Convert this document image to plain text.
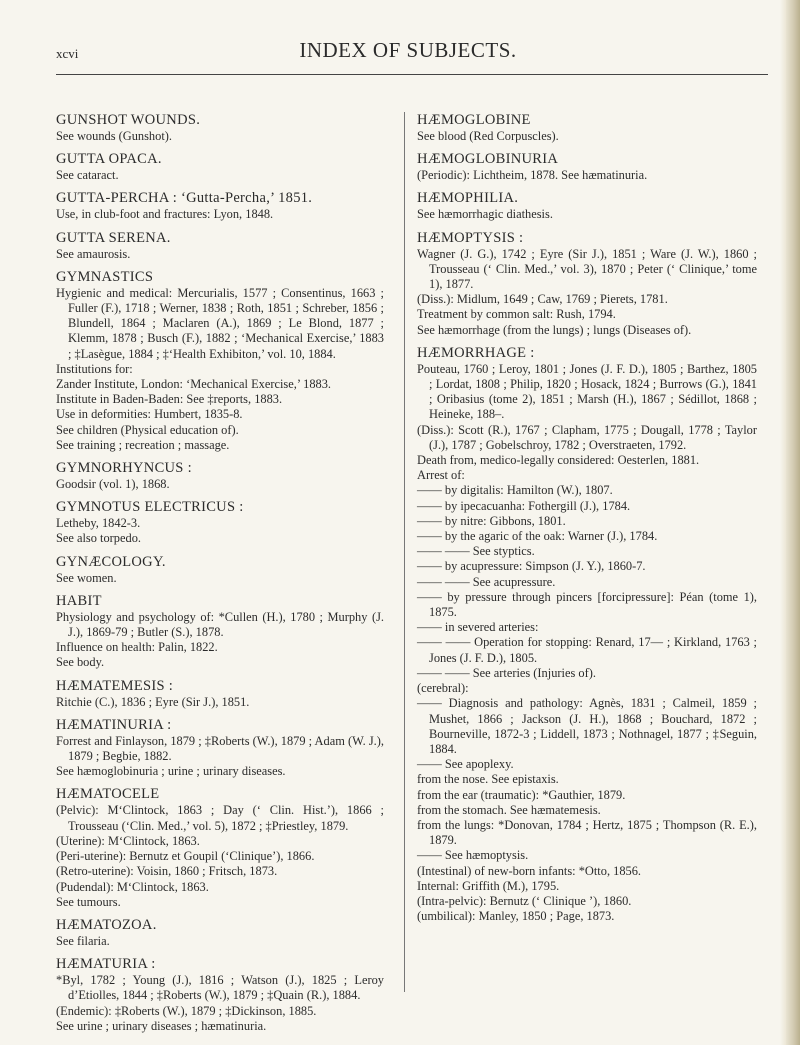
xcvi	INDEX OF SUBJECTS.

GUNSHOT WOUNDS.

See wounds (Gunshot).

GUTTA OPACA.

See cataract.

GUTTA-PERCHA : ‘Gutta-Percha,’ 1851.

Use, in club-foot and fractures: Lyon, 1848.

GUTTA SERENA.

See amaurosis.

GYMNASTICS

Hygienic and medical: Mercurialis, 1577 ; Consentinus, 1663 ; Fuller (F.), 1718 ; Werner, 1838 ; Roth, 1851 ; Schreber, 1856 ; Blundell, 1864 ; Maclaren (A.), 1869 ; Le Blond, 1877 ; Klemm, 1878 ; Busch (F.), 1882 ; ‘Mechanical Exercise,’ 1883 ; ‡Lasègue, 1884 ; ‡‘Health Exhibiton,’ vol. 10, 1884.

Institutions for:

Zander Institute, London: ‘Mechanical Exercise,’ 1883.

Institute in Baden-Baden: See ‡reports, 1883.

Use in deformities: Humbert, 1835-8.

See children (Physical education of).

See training ; recreation ; massage.

GYMNORHYNCUS :

Goodsir (vol. 1), 1868.

GYMNOTUS ELECTRICUS :

Letheby, 1842-3.

See also torpedo.

GYNÆCOLOGY.

See women.

HABIT

Physiology and psychology of: *Cullen (H.), 1780 ; Murphy (J. J.), 1869-79 ; Butler (S.), 1878.

Influence on health: Palin, 1822.

See body.

HÆMATEMESIS :

Ritchie (C.), 1836 ; Eyre (Sir J.), 1851.

HÆMATINURIA :

Forrest and Finlayson, 1879 ; ‡Roberts (W.), 1879 ; Adam (W. J.), 1879 ; Begbie, 1882.

See hæmoglobinuria ; urine ; urinary diseases.

HÆMATOCELE

(Pelvic): M‘Clintock, 1863 ; Day (‘ Clin. Hist.’), 1866 ; Trousseau (‘Clin. Med.,’ vol. 5), 1872 ; ‡Priestley, 1879.

(Uterine): M‘Clintock, 1863.

(Peri-uterine): Bernutz et Goupil (‘Clinique’), 1866.

(Retro-uterine): Voisin, 1860 ; Fritsch, 1873.

(Pudendal): M‘Clintock, 1863.

See tumours.

HÆMATOZOA.

See filaria.

HÆMATURIA :

*Byl, 1782 ; Young (J.), 1816 ; Watson (J.), 1825 ; Leroy d’Etiolles, 1844 ; ‡Roberts (W.), 1879 ; ‡Quain (R.), 1884.

(Endemic): ‡Roberts (W.), 1879 ; ‡Dickinson, 1885.

See urine ; urinary diseases ; hæmatinuria.

HÆMOGLOBINE

See blood (Red Corpuscles).

HÆMOGLOBINURIA

(Periodic): Lichtheim, 1878. See hæmatinuria.

HÆMOPHILIA.

See hæmorrhagic diathesis.

HÆMOPTYSIS :

Wagner (J. G.), 1742 ; Eyre (Sir J.), 1851 ; Ware (J. W.), 1860 ; Trousseau (‘ Clin. Med.,’ vol. 3), 1870 ; Peter (‘ Clinique,’ tome 1), 1877.

(Diss.): Midlum, 1649 ; Caw, 1769 ; Pierets, 1781.

Treatment by common salt: Rush, 1794.

See hæmorrhage (from the lungs) ; lungs (Diseases of).

HÆMORRHAGE :

Pouteau, 1760 ; Leroy, 1801 ; Jones (J. F. D.), 1805 ; Barthez, 1805 ; Lordat, 1808 ; Philip, 1820 ; Hosack, 1824 ; Burrows (G.), 1841 ; Oribasius (tome 2), 1851 ; Marsh (H.), 1867 ; Sédillot, 1868 ; Heineke, 188–.

(Diss.): Scott (R.), 1767 ; Clapham, 1775 ; Dougall, 1778 ; Taylor (J.), 1787 ; Gobelschroy, 1782 ; Overstraeten, 1792.

Death from, medico-legally considered: Oesterlen, 1881.

Arrest of:

—— by digitalis: Hamilton (W.), 1807.

—— by ipecacuanha: Fothergill (J.), 1784.

—— by nitre: Gibbons, 1801.

—— by the agaric of the oak: Warner (J.), 1784.

—— —— See styptics.

—— by acupressure: Simpson (J. Y.), 1860-7.

—— —— See acupressure.

—— by pressure through pincers [forcipressure]: Péan (tome 1), 1875.

—— in severed arteries:

—— —— Operation for stopping: Renard, 17— ; Kirkland, 1763 ; Jones (J. F. D.), 1805.

—— —— See arteries (Injuries of).

(cerebral):

—— Diagnosis and pathology: Agnès, 1831 ; Calmeil, 1859 ; Mushet, 1866 ; Jackson (J. H.), 1868 ; Bouchard, 1872 ; Bourneville, 1872-3 ; Liddell, 1873 ; Nothnagel, 1877 ; ‡Seguin, 1884.

—— See apoplexy.

from the nose. See epistaxis.

from the ear (traumatic): *Gauthier, 1879.

from the stomach. See hæmatemesis.

from the lungs: *Donovan, 1784 ; Hertz, 1875 ; Thompson (R. E.), 1879.

—— See hæmoptysis.

(Intestinal) of new-born infants: *Otto, 1856.

Internal: Griffith (M.), 1795.

(Intra-pelvic): Bernutz (‘ Clinique ’), 1860.

(umbilical): Manley, 1850 ; Page, 1873.
